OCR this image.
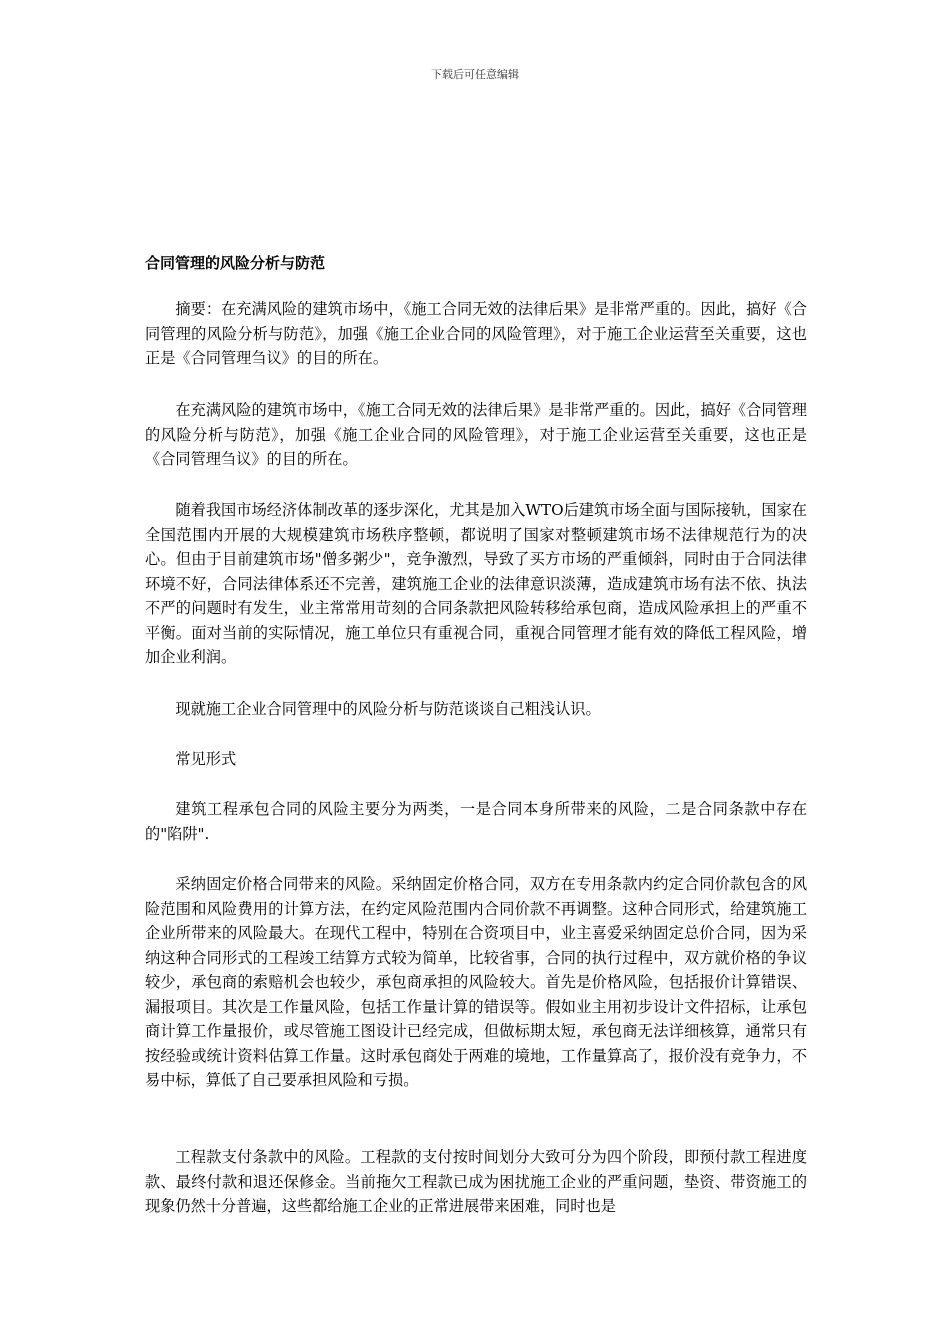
下载后可任意编辑
合同管理的风险分析与防范

摘要：在充满风险的建筑市场中，《施工合同无效的法律后果》是非常严重的。因此，搞好《合同管理的风险分析与防范》，加强《施工企业合同的风险管理》，对于施工企业运营至关重要，这也正是《合同管理刍议》的目的所在。

在充满风险的建筑市场中，《施工合同无效的法律后果》是非常严重的。因此，搞好《合同管理的风险分析与防范》，加强《施工企业合同的风险管理》，对于施工企业运营至关重要，这也正是《合同管理刍议》的目的所在。

随着我国市场经济体制改革的逐步深化，尤其是加入WTO后建筑市场全面与国际接轨，国家在全国范围内开展的大规模建筑市场秩序整顿，都说明了国家对整顿建筑市场不法律规范行为的决心。但由于目前建筑市场"僧多粥少"，竞争激烈，导致了买方市场的严重倾斜，同时由于合同法律环境不好，合同法律体系还不完善，建筑施工企业的法律意识淡薄，造成建筑市场有法不依、执法不严的问题时有发生，业主常常用苛刻的合同条款把风险转移给承包商，造成风险承担上的严重不平衡。面对当前的实际情况，施工单位只有重视合同，重视合同管理才能有效的降低工程风险，增加企业利润。

现就施工企业合同管理中的风险分析与防范谈谈自己粗浅认识。

常见形式

建筑工程承包合同的风险主要分为两类，一是合同本身所带来的风险，二是合同条款中存在的"陷阱".

采纳固定价格合同带来的风险。采纳固定价格合同，双方在专用条款内约定合同价款包含的风险范围和风险费用的计算方法，在约定风险范围内合同价款不再调整。这种合同形式，给建筑施工企业所带来的风险最大。在现代工程中，特别在合资项目中，业主喜爱采纳固定总价合同，因为采纳这种合同形式的工程竣工结算方式较为简单，比较省事，合同的执行过程中，双方就价格的争议较少，承包商的索赔机会也较少，承包商承担的风险较大。首先是价格风险，包括报价计算错误、漏报项目。其次是工作量风险，包括工作量计算的错误等。假如业主用初步设计文件招标，让承包商计算工作量报价，或尽管施工图设计已经完成，但做标期太短，承包商无法详细核算，通常只有按经验或统计资料估算工作量。这时承包商处于两难的境地，工作量算高了，报价没有竞争力，不易中标，算低了自己要承担风险和亏损。

工程款支付条款中的风险。工程款的支付按时间划分大致可分为四个阶段，即预付款工程进度款、最终付款和退还保修金。当前拖欠工程款已成为困扰施工企业的严重问题，垫资、带资施工的现象仍然十分普遍，这些都给施工企业的正常进展带来困难，同时也是
